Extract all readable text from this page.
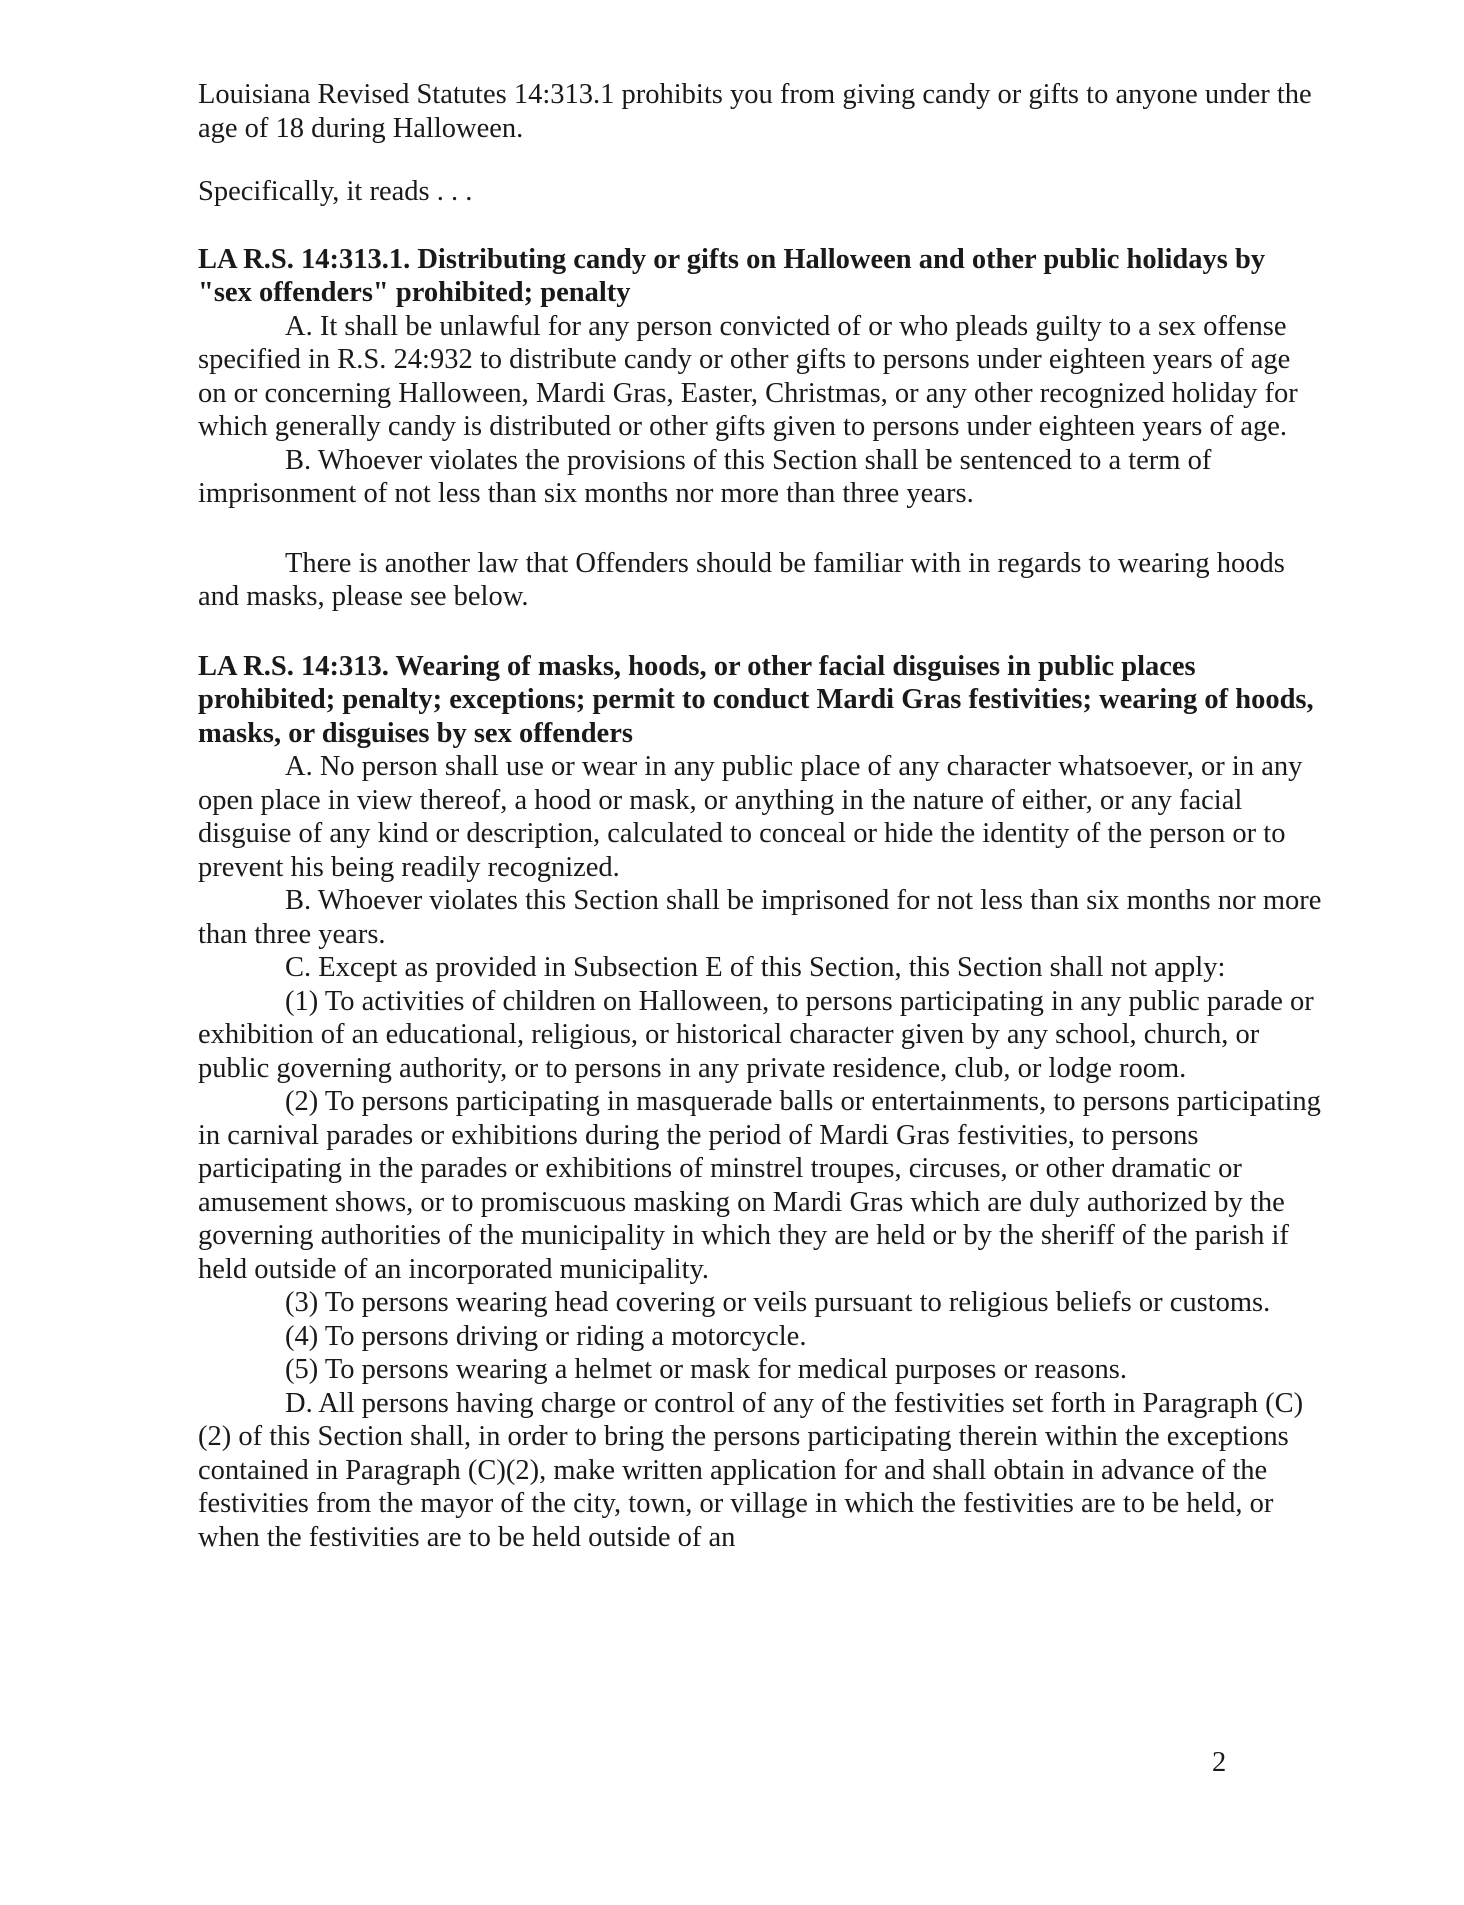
Louisiana Revised Statutes 14:313.1 prohibits you from giving candy or gifts to anyone under the age of 18 during Halloween.

Specifically, it reads . . .

LA R.S. 14:313.1. Distributing candy or gifts on Halloween and other public holidays by "sex offenders" prohibited; penalty

A. It shall be unlawful for any person convicted of or who pleads guilty to a sex offense specified in R.S. 24:932 to distribute candy or other gifts to persons under eighteen years of age on or concerning Halloween, Mardi Gras, Easter, Christmas, or any other recognized holiday for which generally candy is distributed or other gifts given to persons under eighteen years of age.

B. Whoever violates the provisions of this Section shall be sentenced to a term of imprisonment of not less than six months nor more than three years.

There is another law that Offenders should be familiar with in regards to wearing hoods and masks, please see below.

LA R.S. 14:313. Wearing of masks, hoods, or other facial disguises in public places prohibited; penalty; exceptions; permit to conduct Mardi Gras festivities; wearing of hoods, masks, or disguises by sex offenders

A. No person shall use or wear in any public place of any character whatsoever, or in any open place in view thereof, a hood or mask, or anything in the nature of either, or any facial disguise of any kind or description, calculated to conceal or hide the identity of the person or to prevent his being readily recognized.

B. Whoever violates this Section shall be imprisoned for not less than six months nor more than three years.

C. Except as provided in Subsection E of this Section, this Section shall not apply:

(1) To activities of children on Halloween, to persons participating in any public parade or exhibition of an educational, religious, or historical character given by any school, church, or public governing authority, or to persons in any private residence, club, or lodge room.

(2) To persons participating in masquerade balls or entertainments, to persons participating in carnival parades or exhibitions during the period of Mardi Gras festivities, to persons participating in the parades or exhibitions of minstrel troupes, circuses, or other dramatic or amusement shows, or to promiscuous masking on Mardi Gras which are duly authorized by the governing authorities of the municipality in which they are held or by the sheriff of the parish if held outside of an incorporated municipality.

(3) To persons wearing head covering or veils pursuant to religious beliefs or customs.

(4) To persons driving or riding a motorcycle.

(5) To persons wearing a helmet or mask for medical purposes or reasons.

D. All persons having charge or control of any of the festivities set forth in Paragraph (C)(2) of this Section shall, in order to bring the persons participating therein within the exceptions contained in Paragraph (C)(2), make written application for and shall obtain in advance of the festivities from the mayor of the city, town, or village in which the festivities are to be held, or when the festivities are to be held outside of an

2
